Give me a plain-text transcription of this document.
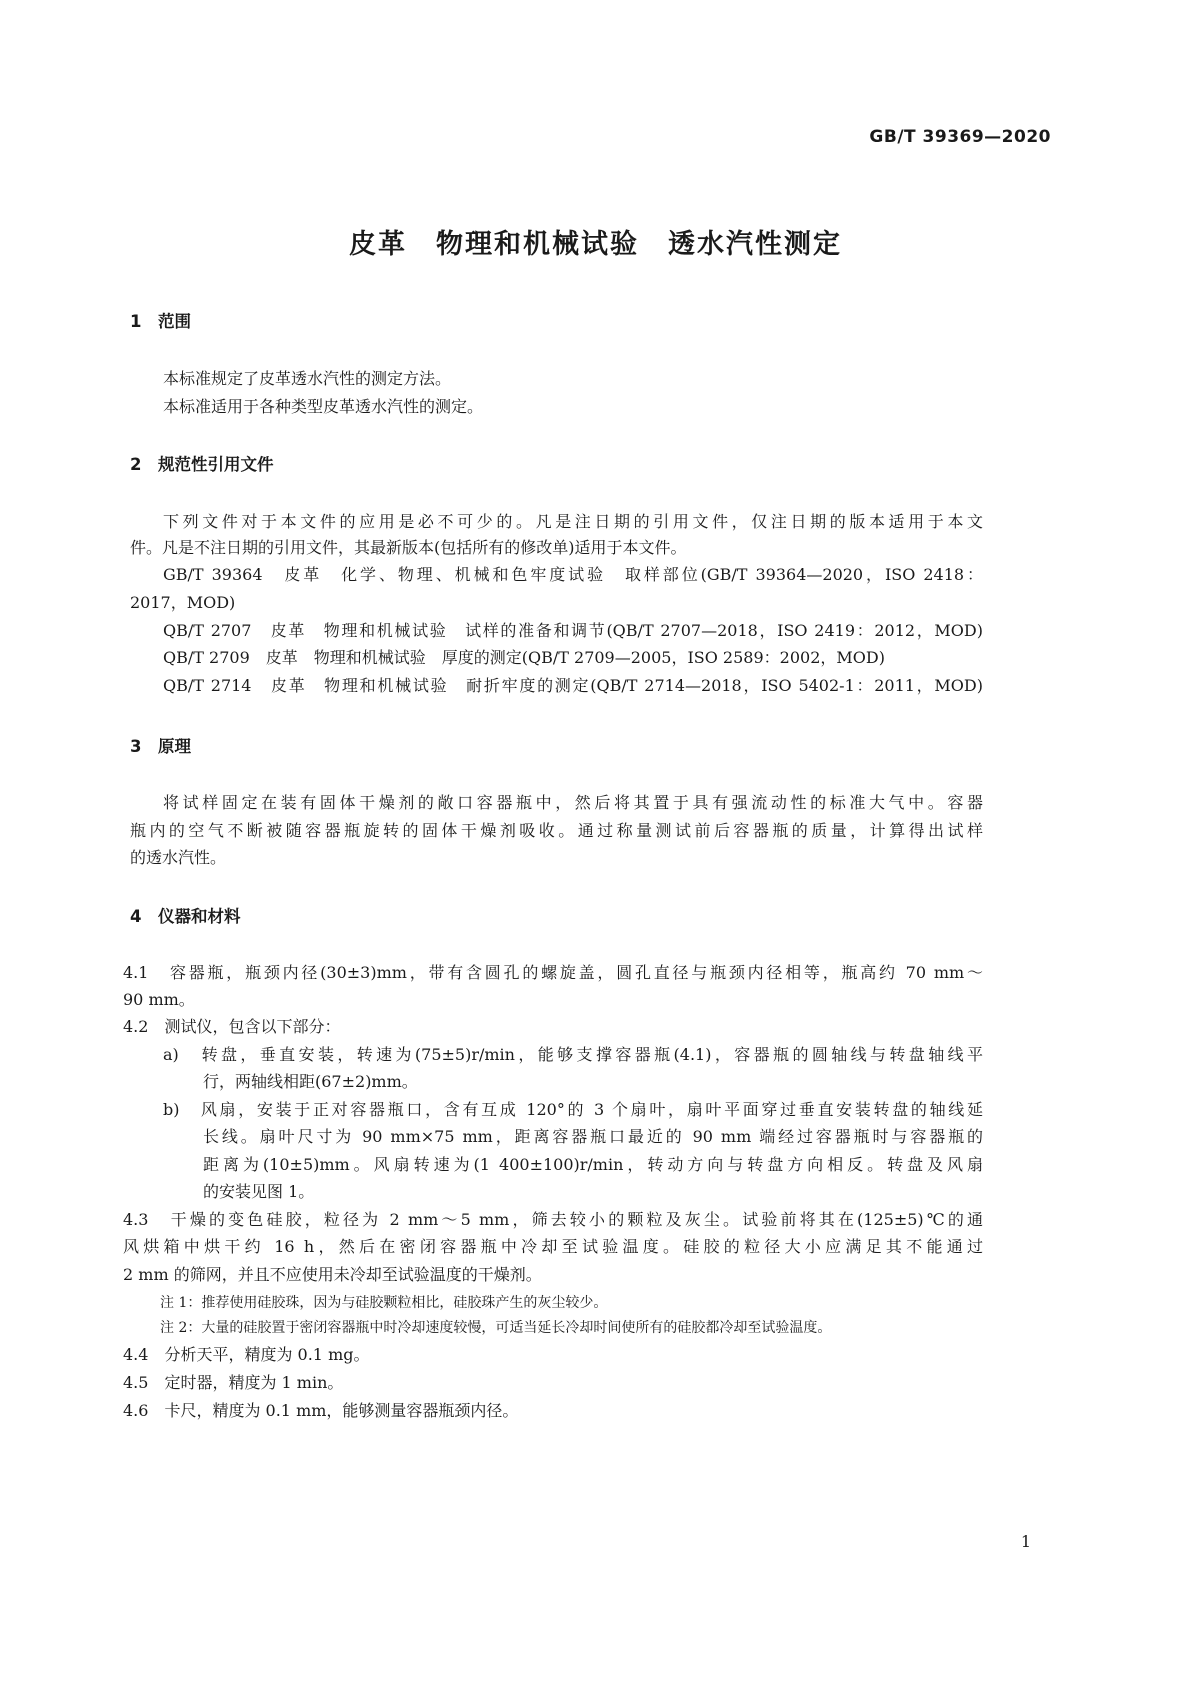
GB/T 39369—2020
皮革　物理和机械试验　透水汽性测定
1　范围
本标准规定了皮革透水汽性的测定方法。
本标准适用于各种类型皮革透水汽性的测定。
2　规范性引用文件
下列文件对于本文件的应用是必不可少的。凡是注日期的引用文件，仅注日期的版本适用于本文
件。凡是不注日期的引用文件，其最新版本(包括所有的修改单)适用于本文件。
GB/T 39364　皮革　化学、物理、机械和色牢度试验　取样部位(GB/T 39364—2020，ISO 2418：
2017，MOD)
QB/T 2707　皮革　物理和机械试验　试样的准备和调节(QB/T 2707—2018，ISO 2419：2012，MOD)
QB/T 2709　皮革　物理和机械试验　厚度的测定(QB/T 2709—2005，ISO 2589：2002，MOD)
QB/T 2714　皮革　物理和机械试验　耐折牢度的测定(QB/T 2714—2018，ISO 5402-1：2011，MOD)
3　原理
将试样固定在装有固体干燥剂的敞口容器瓶中，然后将其置于具有强流动性的标准大气中。容器
瓶内的空气不断被随容器瓶旋转的固体干燥剂吸收。通过称量测试前后容器瓶的质量，计算得出试样
的透水汽性。
4　仪器和材料
4.1　容器瓶，瓶颈内径(30±3)mm，带有含圆孔的螺旋盖，圆孔直径与瓶颈内径相等，瓶高约 70 mm～
90 mm。
4.2　测试仪，包含以下部分：
a)　转盘，垂直安装，转速为(75±5)r/min，能够支撑容器瓶(4.1)，容器瓶的圆轴线与转盘轴线平
行，两轴线相距(67±2)mm。
b)　风扇，安装于正对容器瓶口，含有互成 120°的 3 个扇叶，扇叶平面穿过垂直安装转盘的轴线延
长线。扇叶尺寸为 90 mm×75 mm，距离容器瓶口最近的 90 mm 端经过容器瓶时与容器瓶的
距离为(10±5)mm。风扇转速为(1 400±100)r/min，转动方向与转盘方向相反。转盘及风扇
的安装见图 1。
4.3　干燥的变色硅胶，粒径为 2 mm～5 mm，筛去较小的颗粒及灰尘。试验前将其在(125±5)℃的通
风烘箱中烘干约 16 h，然后在密闭容器瓶中冷却至试验温度。硅胶的粒径大小应满足其不能通过
2 mm 的筛网，并且不应使用未冷却至试验温度的干燥剂。
注 1：推荐使用硅胶珠，因为与硅胶颗粒相比，硅胶珠产生的灰尘较少。
注 2：大量的硅胶置于密闭容器瓶中时冷却速度较慢，可适当延长冷却时间使所有的硅胶都冷却至试验温度。
4.4　分析天平，精度为 0.1 mg。
4.5　定时器，精度为 1 min。
4.6　卡尺，精度为 0.1 mm，能够测量容器瓶颈内径。
1
